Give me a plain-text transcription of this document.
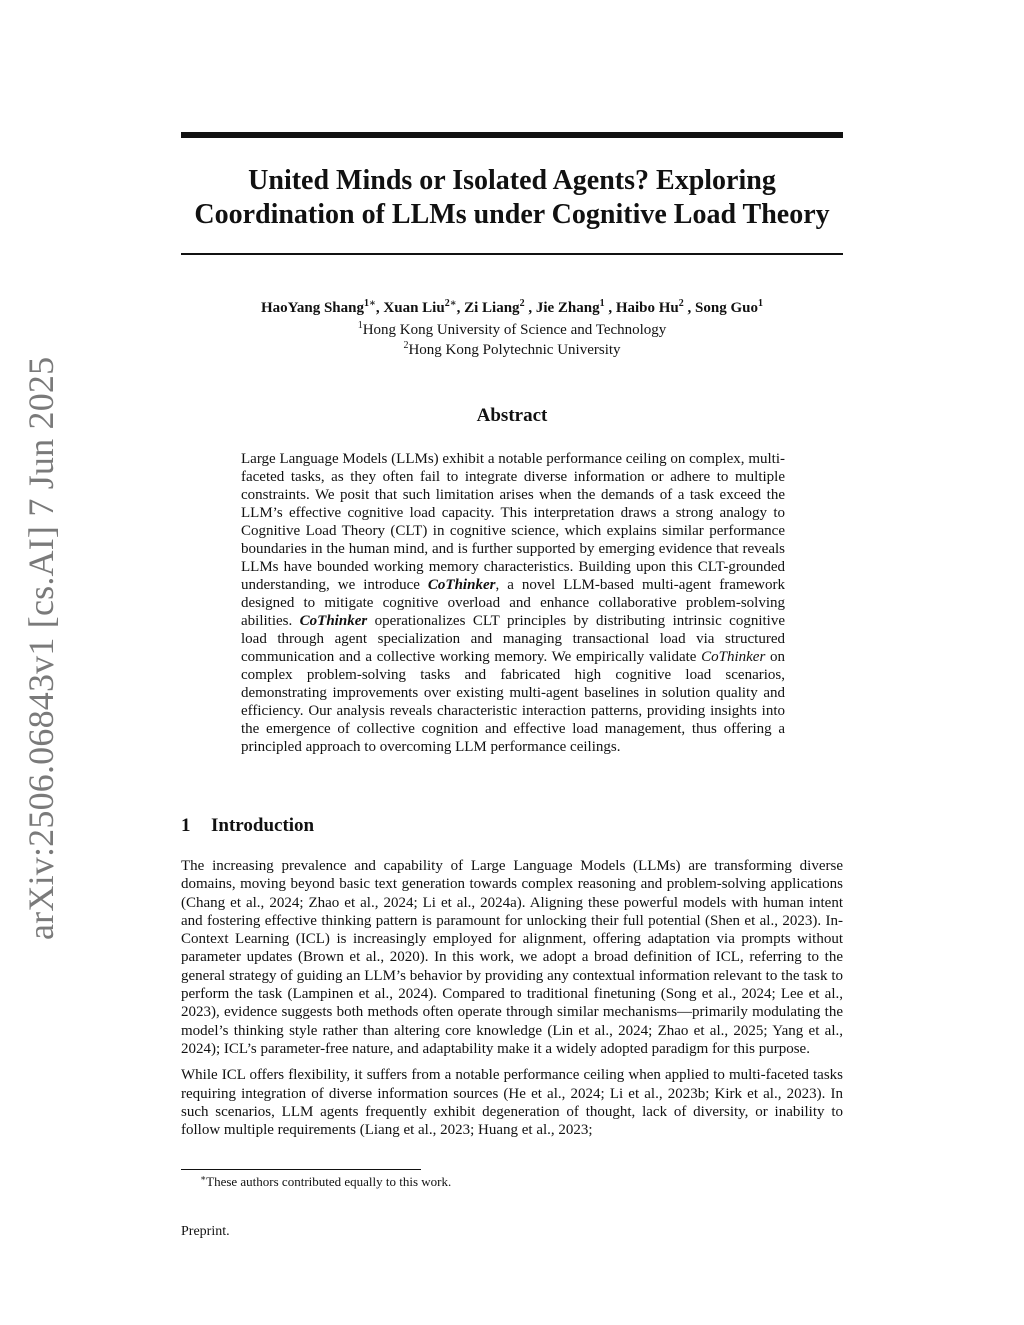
arXiv:2506.06843v1 [cs.AI] 7 Jun 2025
United Minds or Isolated Agents? Exploring
Coordination of LLMs under Cognitive Load Theory
HaoYang Shang$^{1∗}$, Xuan Liu$^{2∗}$, Zi Liang$^2$ , Jie Zhang$^1$ , Haibo Hu$^2$ , Song Guo$^1$
$^1$Hong Kong University of Science and Technology
$^2$Hong Kong Polytechnic University
Abstract
Large Language Models (LLMs) exhibit a notable performance ceiling on complex, multi-faceted tasks, as they often fail to integrate diverse information or adhere to multiple constraints. We posit that such limitation arises when the demands of a task exceed the LLM’s effective cognitive load capacity. This interpretation draws a strong analogy to Cognitive Load Theory (CLT) in cognitive science, which explains similar performance boundaries in the human mind, and is further supported by emerging evidence that reveals LLMs have bounded working memory characteristics. Building upon this CLT-grounded understanding, we introduce CoThinker, a novel LLM-based multi-agent framework designed to mitigate cognitive overload and enhance collaborative problem-solving abilities. CoThinker operationalizes CLT principles by distributing intrinsic cognitive load through agent specialization and managing transactional load via structured communication and a collective working memory. We empirically validate CoThinker on complex problem-solving tasks and fabricated high cognitive load scenarios, demonstrating improvements over existing multi-agent baselines in solution quality and efficiency. Our analysis reveals characteristic interaction patterns, providing insights into the emergence of collective cognition and effective load management, thus offering a principled approach to overcoming LLM performance ceilings.
1 Introduction

The increasing prevalence and capability of Large Language Models (LLMs) are transforming diverse domains, moving beyond basic text generation towards complex reasoning and problem-solving applications (Chang et al., 2024; Zhao et al., 2024; Li et al., 2024a). Aligning these powerful models with human intent and fostering effective thinking pattern is paramount for unlocking their full potential (Shen et al., 2023). In-Context Learning (ICL) is increasingly employed for alignment, offering adaptation via prompts without parameter updates (Brown et al., 2020). In this work, we adopt a broad definition of ICL, referring to the general strategy of guiding an LLM’s behavior by providing any contextual information relevant to the task to perform the task (Lampinen et al., 2024). Compared to traditional finetuning (Song et al., 2024; Lee et al., 2023), evidence suggests both methods often operate through similar mechanisms—primarily modulating the model’s thinking style rather than altering core knowledge (Lin et al., 2024; Zhao et al., 2025; Yang et al., 2024); ICL’s parameter-free nature, and adaptability make it a widely adopted paradigm for this purpose.

While ICL offers flexibility, it suffers from a notable performance ceiling when applied to multi-faceted tasks requiring integration of diverse information sources (He et al., 2024; Li et al., 2023b; Kirk et al., 2023). In such scenarios, LLM agents frequently exhibit degeneration of thought, lack of diversity, or inability to follow multiple requirements (Liang et al., 2023; Huang et al., 2023;

∗These authors contributed equally to this work.
Preprint.
